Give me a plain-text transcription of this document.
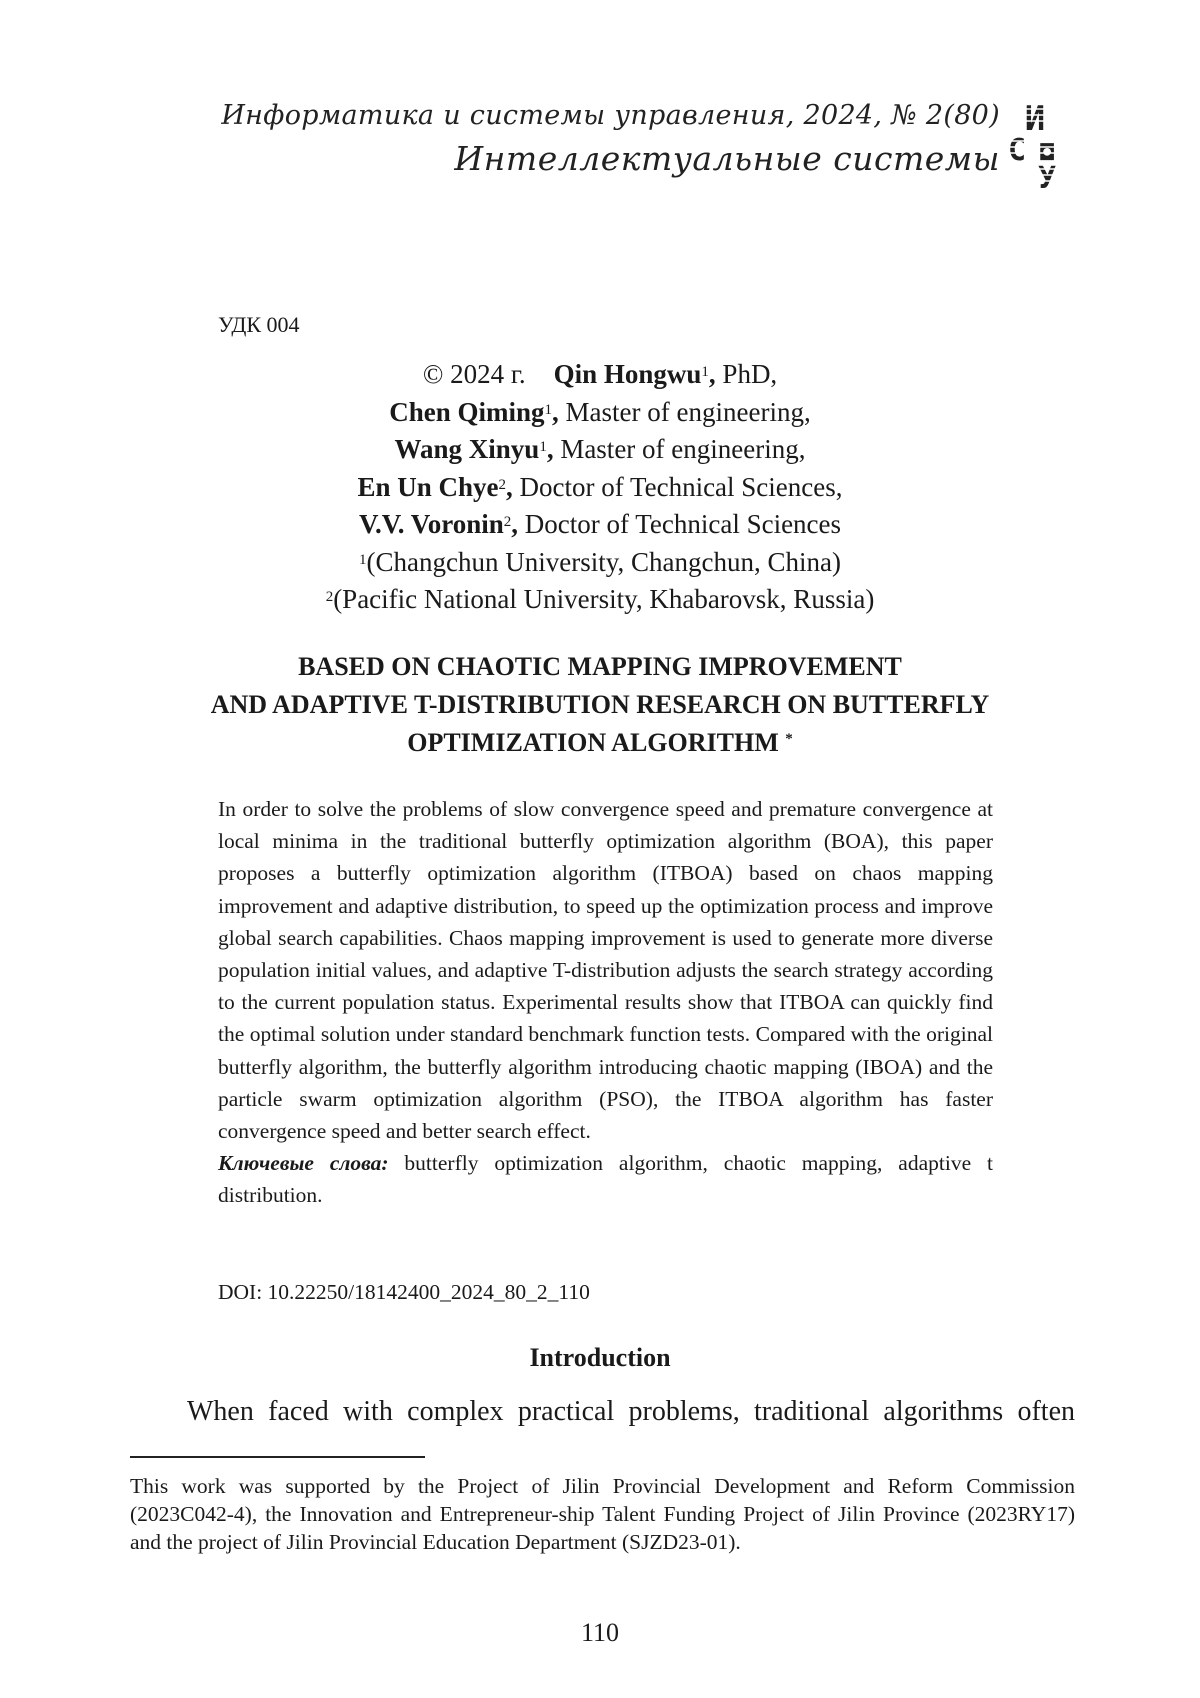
Информатика и системы управления, 2024, № 2(80)
Интеллектуальные системы
И
С ◘
У
УДК 004
© 2024 г. Qin Hongwu$^1$, PhD,
Chen Qiming$^1$, Master of engineering,
Wang Xinyu$^1$, Master of engineering,
En Un Chye$^2$, Doctor of Technical Sciences,
V.V. Voronin$^2$, Doctor of Technical Sciences
$^1$(Changchun University, Changchun, China)
$^2$(Pacific National University, Khabarovsk, Russia)
BASED ON CHAOTIC MAPPING IMPROVEMENT
AND ADAPTIVE T-DISTRIBUTION RESEARCH ON BUTTERFLY
OPTIMIZATION ALGORITHM *

In order to solve the problems of slow convergence speed and premature convergence at local minima in the traditional butterfly optimization algorithm (BOA), this paper proposes a butterfly optimization algorithm (ITBOA) based on chaos mapping improvement and adaptive distribution, to speed up the optimization process and improve global search capabilities. Chaos mapping improvement is used to generate more diverse population initial values, and adaptive T-distribution adjusts the search strategy according to the current population status. Experimental results show that ITBOA can quickly find the optimal solution under standard benchmark function tests. Compared with the original butterfly algorithm, the butterfly algorithm introducing chaotic mapping (IBOA) and the particle swarm optimization algorithm (PSO), the ITBOA algorithm has faster convergence speed and better search effect.

Ключевые слова: butterfly optimization algorithm, chaotic mapping, adaptive t distribution.

DOI: 10.22250/18142400_2024_80_2_110
Introduction
When faced with complex practical problems, traditional algorithms often
This work was supported by the Project of Jilin Provincial Development and Reform Commission (2023C042-4), the Innovation and Entrepreneur-ship Talent Funding Project of Jilin Province (2023RY17) and the project of Jilin Provincial Education Department (SJZD23-01).
110
